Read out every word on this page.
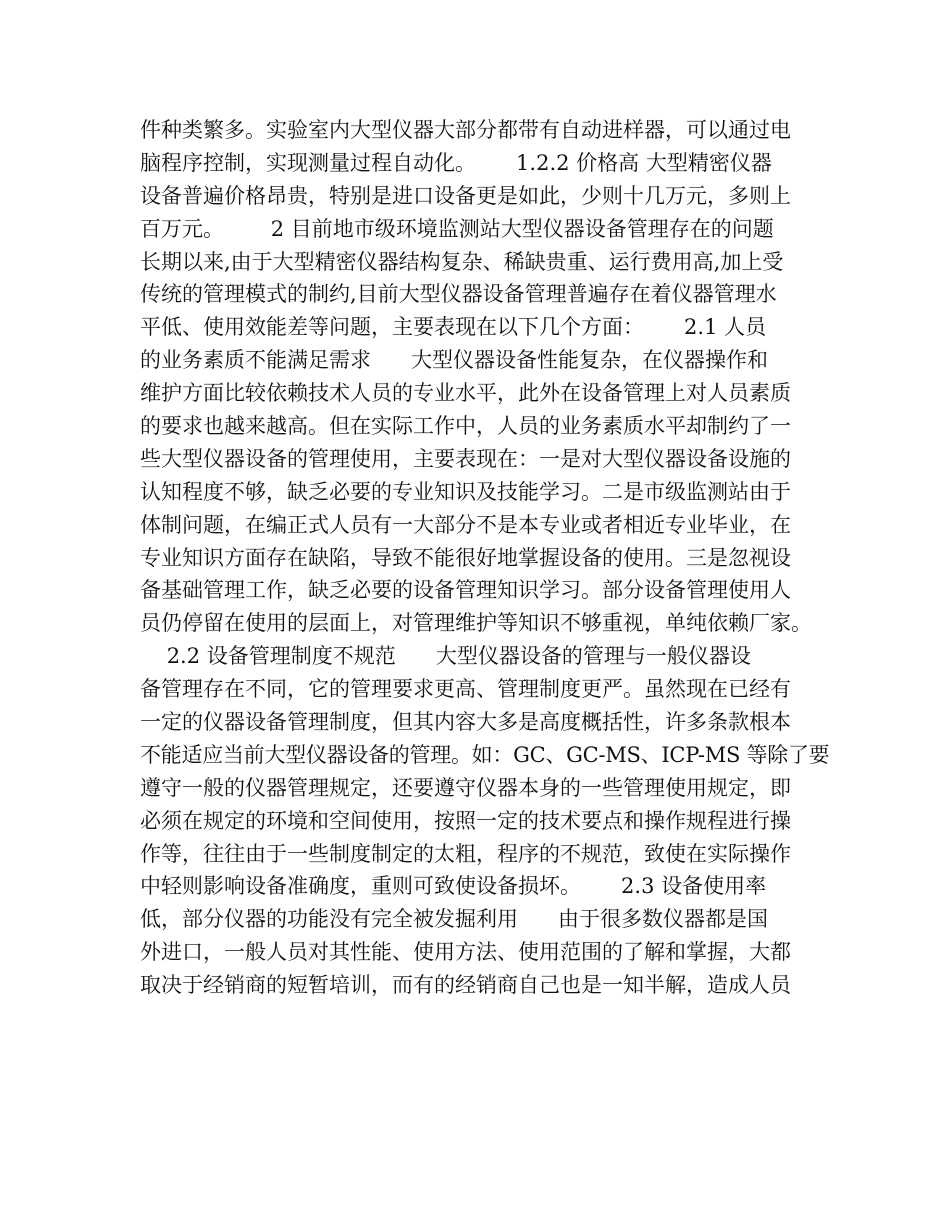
件种类繁多。实验室内大型仪器大部分都带有自动进样器，可以通过电
脑程序控制，实现测量过程自动化。      1.2.2 价格高 大型精密仪器
设备普遍价格昂贵，特别是进口设备更是如此，少则十几万元，多则上
百万元。       2 目前地市级环境监测站大型仪器设备管理存在的问题
长期以来,由于大型精密仪器结构复杂、稀缺贵重、运行费用高,加上受
传统的管理模式的制约,目前大型仪器设备管理普遍存在着仪器管理水
平低、使用效能差等问题，主要表现在以下几个方面：      2.1 人员
的业务素质不能满足需求      大型仪器设备性能复杂，在仪器操作和
维护方面比较依赖技术人员的专业水平，此外在设备管理上对人员素质
的要求也越来越高。但在实际工作中，人员的业务素质水平却制约了一
些大型仪器设备的管理使用，主要表现在：一是对大型仪器设备设施的
认知程度不够，缺乏必要的专业知识及技能学习。二是市级监测站由于
体制问题，在编正式人员有一大部分不是本专业或者相近专业毕业，在
专业知识方面存在缺陷，导致不能很好地掌握设备的使用。三是忽视设
备基础管理工作，缺乏必要的设备管理知识学习。部分设备管理使用人
员仍停留在使用的层面上，对管理维护等知识不够重视，单纯依赖厂家。
2.2 设备管理制度不规范      大型仪器设备的管理与一般仪器设
备管理存在不同，它的管理要求更高、管理制度更严。虽然现在已经有
一定的仪器设备管理制度，但其内容大多是高度概括性，许多条款根本
不能适应当前大型仪器设备的管理。如：GC、GC-MS、ICP-MS 等除了要
遵守一般的仪器管理规定，还要遵守仪器本身的一些管理使用规定，即
必须在规定的环境和空间使用，按照一定的技术要点和操作规程进行操
作等，往往由于一些制度制定的太粗，程序的不规范，致使在实际操作
中轻则影响设备准确度，重则可致使设备损坏。      2.3 设备使用率
低，部分仪器的功能没有完全被发掘利用      由于很多数仪器都是国
外进口，一般人员对其性能、使用方法、使用范围的了解和掌握，大都
取决于经销商的短暂培训，而有的经销商自己也是一知半解，造成人员
